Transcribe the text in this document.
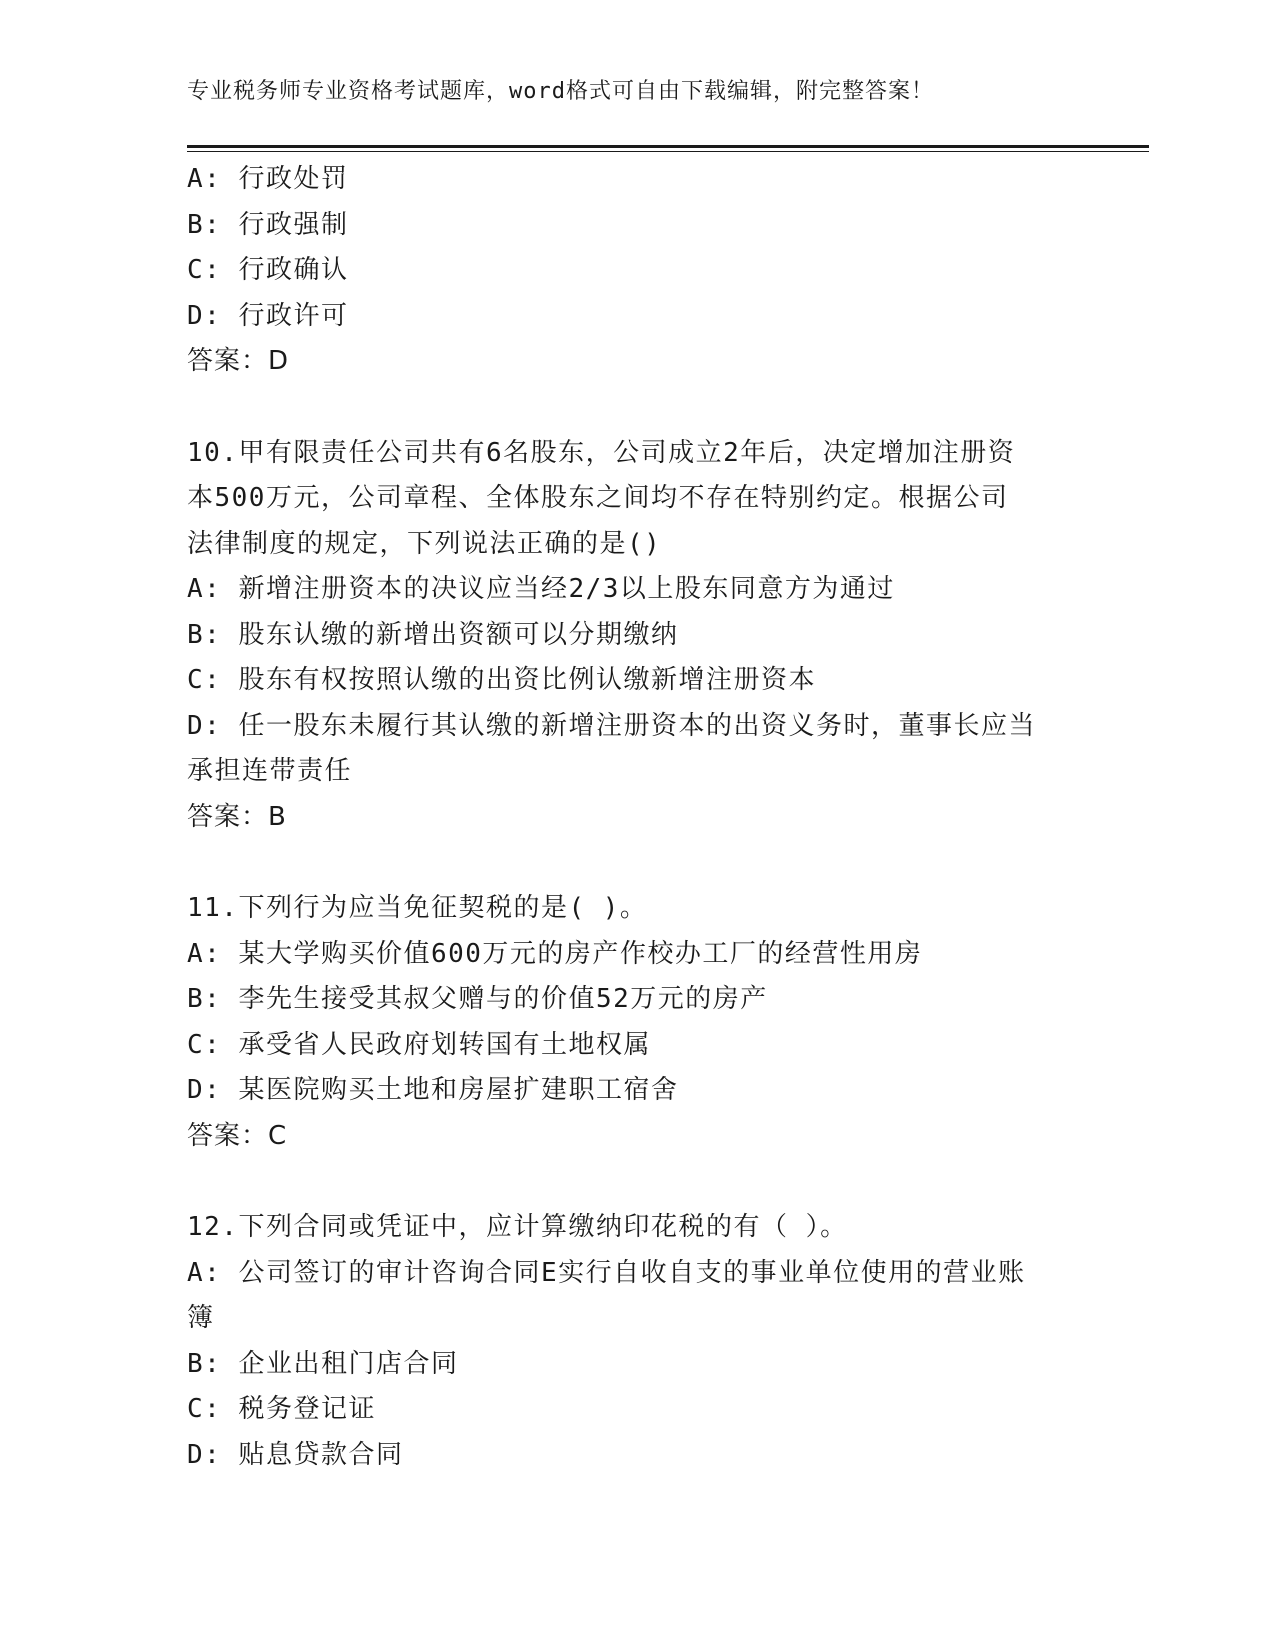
专业税务师专业资格考试题库，word格式可自由下载编辑，附完整答案！
A: 行政处罚
B: 行政强制
C: 行政确认
D: 行政许可
答案：D
10.甲有限责任公司共有6名股东，公司成立2年后，决定增加注册资
本500万元，公司章程、全体股东之间均不存在特别约定。根据公司
法律制度的规定，下列说法正确的是()
A: 新增注册资本的决议应当经2/3以上股东同意方为通过
B: 股东认缴的新增出资额可以分期缴纳
C: 股东有权按照认缴的出资比例认缴新增注册资本
D: 任一股东未履行其认缴的新增注册资本的出资义务时，董事长应当
承担连带责任
答案：B
11.下列行为应当免征契税的是( )。
A: 某大学购买价值600万元的房产作校办工厂的经营性用房
B: 李先生接受其叔父赠与的价值52万元的房产
C: 承受省人民政府划转国有土地权属
D: 某医院购买土地和房屋扩建职工宿舍
答案：C
12.下列合同或凭证中，应计算缴纳印花税的有（ ）。
A: 公司签订的审计咨询合同E实行自收自支的事业单位使用的营业账
簿
B: 企业出租门店合同
C: 税务登记证
D: 贴息贷款合同
